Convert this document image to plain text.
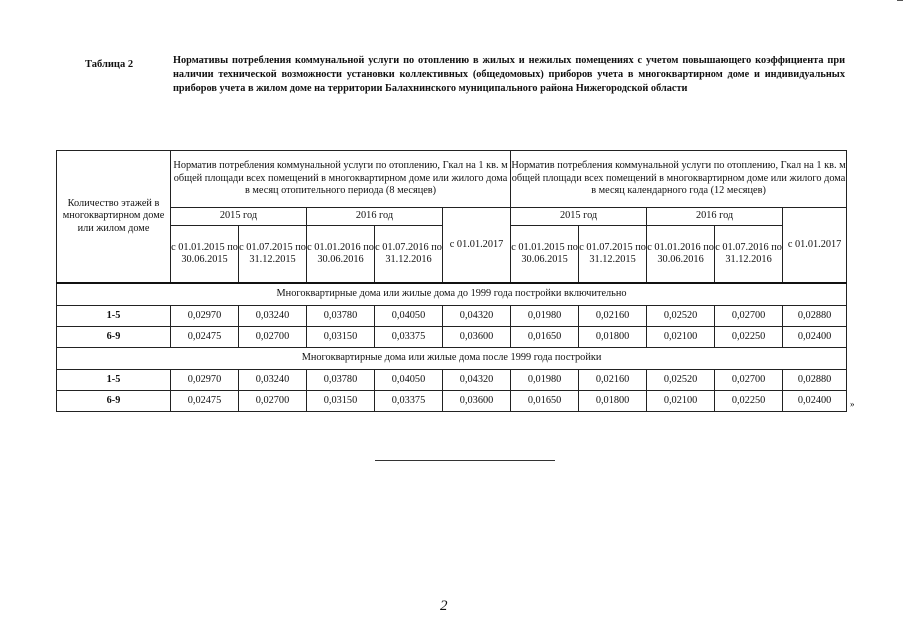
Таблица 2	Нормативы потребления коммунальной услуги по отоплению в жилых и нежилых помещениях с учетом повышающего коэффициента при наличии технической возможности установки коллективных (общедомовых) приборов учета в многоквартирном доме и индивидуальных приборов учета в жилом доме на территории Балахнинского муниципального района Нижегородской области
Количество этажей в многоквартирном доме или жилом доме	Норматив потребления коммунальной услуги по отоплению, Гкал на 1 кв. м общей площади всех помещений в многоквартирном доме или жилого дома в месяц отопительного периода (8 месяцев)					Норматив потребления коммунальной услуги по отоплению, Гкал на 1 кв. м общей площади всех помещений в многоквартирном доме или жилого дома в месяц календарного года (12 месяцев)				
	2015 год		2016 год		с 01.01.2017	2015 год		2016 год		с 01.01.2017
	с 01.01.2015 по 30.06.2015	с 01.07.2015 по 31.12.2015	с 01.01.2016 по 30.06.2016	с 01.07.2016 по 31.12.2016		с 01.01.2015 по 30.06.2015	с 01.07.2015 по 31.12.2015	с 01.01.2016 по 30.06.2016	с 01.07.2016 по 31.12.2016	
Многоквартирные дома или жилые дома до 1999 года постройки включительно										
1-5	0,02970	0,03240	0,03780	0,04050	0,04320	0,01980	0,02160	0,02520	0,02700	0,02880
6-9	0,02475	0,02700	0,03150	0,03375	0,03600	0,01650	0,01800	0,02100	0,02250	0,02400
Многоквартирные дома или жилые дома после 1999 года постройки										
1-5	0,02970	0,03240	0,03780	0,04050	0,04320	0,01980	0,02160	0,02520	0,02700	0,02880
6-9	0,02475	0,02700	0,03150	0,03375	0,03600	0,01650	0,01800	0,02100	0,02250	0,02400 »
2
